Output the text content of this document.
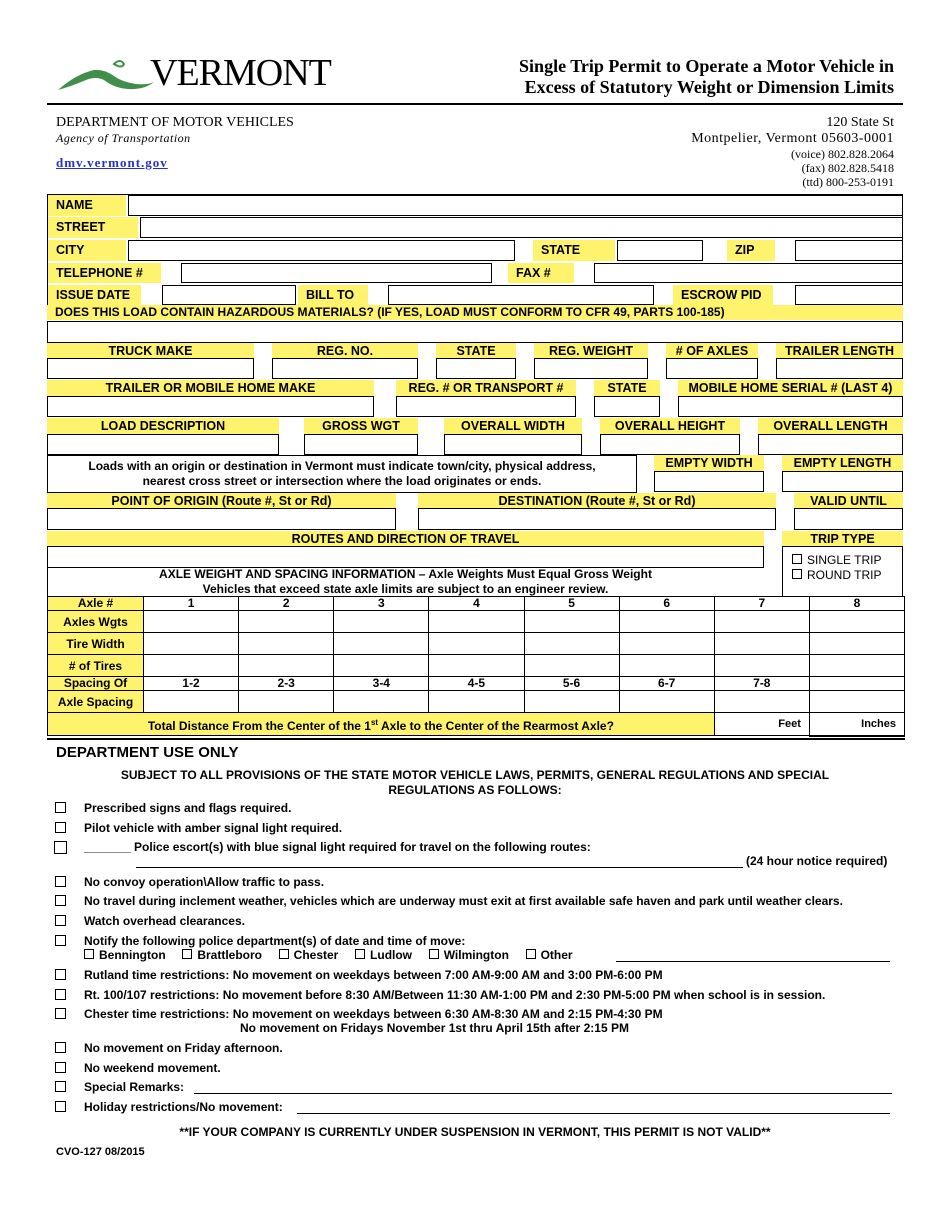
VERMONT	Single Trip Permit to Operate a Motor Vehicle in
Excess of Statutory Weight or Dimension Limits
DEPARTMENT OF MOTOR VEHICLES
Agency of Transportation
dmv.vermont.gov
120 State St
Montpelier, Vermont 05603-0001
(voice) 802.828.2064
(fax) 802.828.5418
(ttd) 800-253-0191
NAME
STREET
CITY	STATE	ZIP
TELEPHONE #	FAX #
ISSUE DATE	BILL TO	ESCROW PID
DOES THIS LOAD CONTAIN HAZARDOUS MATERIALS? (IF YES, LOAD MUST CONFORM TO CFR 49, PARTS 100-185)
TRUCK MAKE	REG. NO.	STATE	REG. WEIGHT	# OF AXLES	TRAILER LENGTH
TRAILER OR MOBILE HOME MAKE	REG. # OR TRANSPORT #	STATE	MOBILE HOME SERIAL # (LAST 4)
LOAD DESCRIPTION	GROSS WGT	OVERALL WIDTH	OVERALL HEIGHT	OVERALL LENGTH
Loads with an origin or destination in Vermont must indicate town/city, physical address,
nearest cross street or intersection where the load originates or ends.
EMPTY WIDTH	EMPTY LENGTH
POINT OF ORIGIN (Route #, St or Rd)	DESTINATION (Route #, St or Rd)	VALID UNTIL
ROUTES AND DIRECTION OF TRAVEL	TRIP TYPE
SINGLE TRIP
ROUND TRIP
AXLE WEIGHT AND SPACING INFORMATION – Axle Weights Must Equal Gross Weight
Vehicles that exceed state axle limits are subject to an engineer review.
Axle #	1	2	3	4	5	6	7	8
Axles Wgts								
Tire Width								
# of Tires								
Spacing Of	1-2	2-3	3-4	4-5	5-6	6-7	7-8	
Axle Spacing								
Total Distance From the Center of the 1st Axle to the Center of the Rearmost Axle?							Feet	Inches
DEPARTMENT USE ONLY
SUBJECT TO ALL PROVISIONS OF THE STATE MOTOR VEHICLE LAWS, PERMITS, GENERAL REGULATIONS AND SPECIAL
REGULATIONS AS FOLLOWS:
Prescribed signs and flags required.
Pilot vehicle with amber signal light required.
_______ Police escort(s) with blue signal light required for travel on the following routes:
(24 hour notice required)
No convoy operation\Allow traffic to pass.
No travel during inclement weather, vehicles which are underway must exit at first available safe haven and park until weather clears.
Watch overhead clearances.
Notify the following police department(s) of date and time of move:
Bennington	Brattleboro	Chester	Ludlow	Wilmington	Other
Rutland time restrictions: No movement on weekdays between 7:00 AM-9:00 AM and 3:00 PM-6:00 PM
Rt. 100/107 restrictions: No movement before 8:30 AM/Between 11:30 AM-1:00 PM and 2:30 PM-5:00 PM when school is in session.
Chester time restrictions: No movement on weekdays between 6:30 AM-8:30 AM and 2:15 PM-4:30 PM
No movement on Fridays November 1st thru April 15th after 2:15 PM
No movement on Friday afternoon.
No weekend movement.
Special Remarks:
Holiday restrictions/No movement:
**IF YOUR COMPANY IS CURRENTLY UNDER SUSPENSION IN VERMONT, THIS PERMIT IS NOT VALID**
CVO-127 08/2015
